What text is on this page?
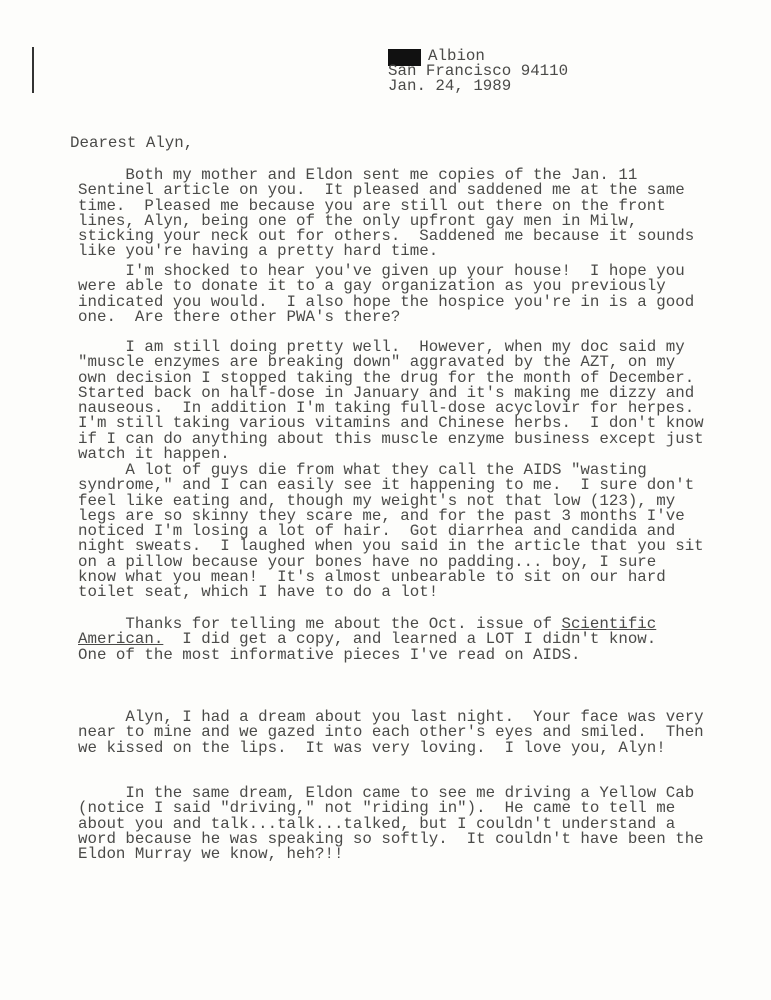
Albion
San Francisco 94110
Jan. 24, 1989
Dearest Alyn,
Both my mother and Eldon sent me copies of the Jan. 11
Sentinel article on you.  It pleased and saddened me at the same
time.  Pleased me because you are still out there on the front
lines, Alyn, being one of the only upfront gay men in Milw,
sticking your neck out for others.  Saddened me because it sounds
like you're having a pretty hard time.
I'm shocked to hear you've given up your house!  I hope you
were able to donate it to a gay organization as you previously
indicated you would.  I also hope the hospice you're in is a good
one.  Are there other PWA's there?
I am still doing pretty well.  However, when my doc said my
"muscle enzymes are breaking down" aggravated by the AZT, on my
own decision I stopped taking the drug for the month of December.
Started back on half-dose in January and it's making me dizzy and
nauseous.  In addition I'm taking full-dose acyclovir for herpes.
I'm still taking various vitamins and Chinese herbs.  I don't know
if I can do anything about this muscle enzyme business except just
watch it happen.
A lot of guys die from what they call the AIDS "wasting
syndrome," and I can easily see it happening to me.  I sure don't
feel like eating and, though my weight's not that low (123), my
legs are so skinny they scare me, and for the past 3 months I've
noticed I'm losing a lot of hair.  Got diarrhea and candida and
night sweats.  I laughed when you said in the article that you sit
on a pillow because your bones have no padding... boy, I sure
know what you mean!  It's almost unbearable to sit on our hard
toilet seat, which I have to do a lot!
Thanks for telling me about the Oct. issue of Scientific
American.  I did get a copy, and learned a LOT I didn't know.
One of the most informative pieces I've read on AIDS.
Alyn, I had a dream about you last night.  Your face was very
near to mine and we gazed into each other's eyes and smiled.  Then
we kissed on the lips.  It was very loving.  I love you, Alyn!
In the same dream, Eldon came to see me driving a Yellow Cab
(notice I said "driving," not "riding in").  He came to tell me
about you and talk...talk...talked, but I couldn't understand a
word because he was speaking so softly.  It couldn't have been the
Eldon Murray we know, heh?!!
